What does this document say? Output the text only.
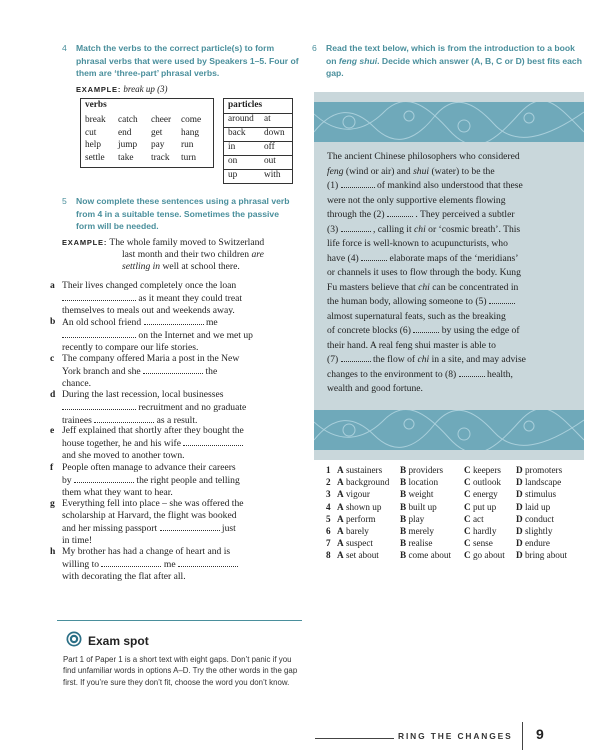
4 Match the verbs to the correct particle(s) to form phrasal verbs that were used by Speakers 1–5. Four of them are ‘three-part’ phrasal verbs.
EXAMPLE: break up (3)
verbs
break catch cheer come
cut end get hang
help jump pay run
settle take track turn
particles
around at
back down
in	off
on	out
up	with
5 Now complete these sentences using a phrasal verb from 4 in a suitable tense. Sometimes the passive form will be needed.
EXAMPLE: The whole family moved to Switzerland
last month and their two children are
settling in well at school there.
a Their lives changed completely once the loan
as it meant they could treat
themselves to meals out and weekends away.
b An old school friend	me
on the Internet and we met up
recently to compare our life stories.
c The company offered Maria a post in the New
York branch and she	the
chance.
d During the last recession, local businesses
recruitment and no graduate
trainees	as a result.
e Jeff explained that shortly after they bought the
house together, he and his wife
and she moved to another town.
f People often manage to advance their careers
by	the right people and telling
them what they want to hear.
g Everything fell into place – she was offered the
scholarship at Harvard, the flight was booked
and her missing passport	just
in time!
h My brother has had a change of heart and is
willing to	me
with decorating the flat after all.
Exam spot
Part 1 of Paper 1 is a short text with eight gaps. Don’t panic if you find unfamiliar words in options A–D. Try the other words in the gap first. If you’re sure they don’t fit, choose the word you don’t know.
6 Read the text below, which is from the introduction to a book on feng shui. Decide which answer (A, B, C or D) best fits each gap.
The ancient Chinese philosophers who considered
feng (wind or air) and shui (water) to be the
(1)	of mankind also understood that these
were not the only supportive elements flowing
through the (2)	. They perceived a subtler
(3)	, calling it chi or ‘cosmic breath’. This
life force is well-known to acupuncturists, who
have (4)	elaborate maps of the ‘meridians’
or channels it uses to flow through the body. Kung
Fu masters believe that chi can be concentrated in
the human body, allowing someone to (5)
almost supernatural feats, such as the breaking
of concrete blocks (6)	by using the edge of
their hand. A real feng shui master is able to
(7)	the flow of chi in a site, and may advise
changes to the environment to (8)	health,
wealth and good fortune.
1 A sustainers B providers C keepers D promoters
2 A background B location	C outlook D landscape
3 A vigour	B weight	C energy D stimulus
4 A shown up B built up	C put up D laid up
5 A perform	B play	C act	D conduct
6 A barely	B merely	C hardly D slightly
7 A suspect	B realise	C sense	D endure
8 A set about B come about C go about D bring about
RING THE CHANGES 9
